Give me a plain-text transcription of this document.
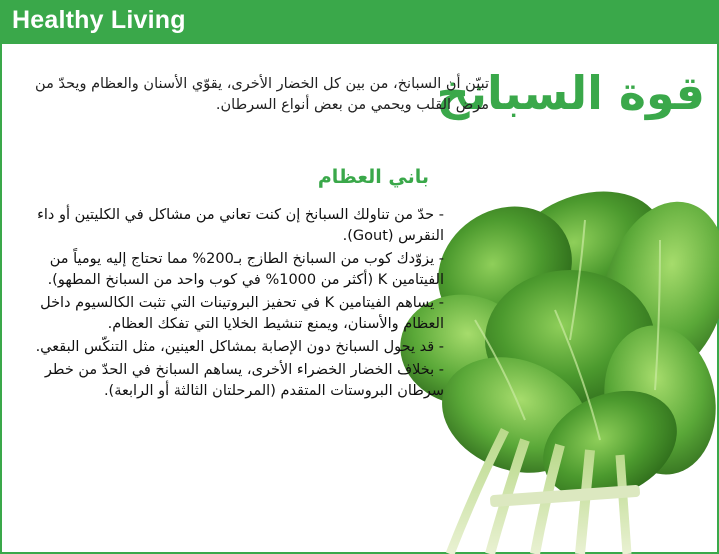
Healthy Living
قوة السبانخ
تبيّن أن السبانخ، من بين كل الخضار الأخرى، يقوّي الأسنان والعظام ويحدّ من مرض القلب ويحمي من بعض أنواع السرطان.
باني العظام

- حدّ من تناولك السبانخ إن كنت تعاني من مشاكل في الكليتين أو داء النقرس (Gout).

- يزوّدك كوب من السبانخ الطازج بـ200% مما تحتاج إليه يومياً من الفيتامين K (أكثر من 1000% في كوب واحد من السبانخ المطهو).

- يساهم الفيتامين K في تحفيز البروتينات التي تثبت الكالسيوم داخل العظام والأسنان، ويمنع تنشيط الخلايا التي تفكك العظام.

- قد يحول السبانخ دون الإصابة بمشاكل العينين، مثل التنكّس البقعي.

- بخلاف الخضار الخضراء الأخرى، يساهم السبانخ في الحدّ من خطر سرطان البروستات المتقدم (المرحلتان الثالثة أو الرابعة).
